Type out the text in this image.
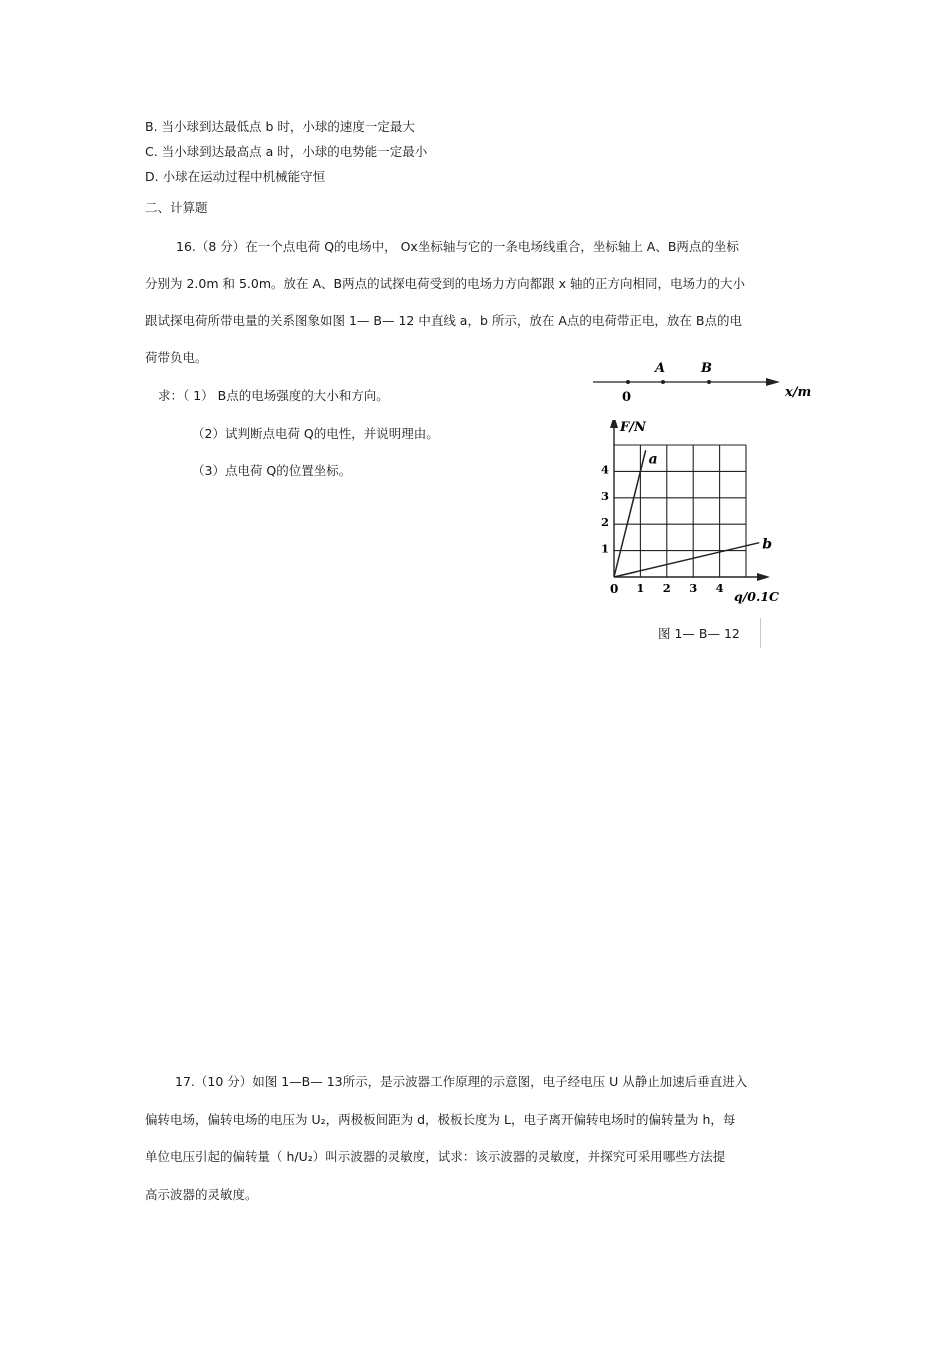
B. 当小球到达最低点 b 时，小球的速度一定最大
C. 当小球到达最高点 a 时，小球的电势能一定最小
D. 小球在运动过程中机械能守恒
二、计算题
16.（8 分）在一个点电荷 Q的电场中， Ox坐标轴与它的一条电场线重合，坐标轴上 A、B两点的坐标
分别为 2.0m 和 5.0m。放在 A、B两点的试探电荷受到的电场力方向都跟 x 轴的正方向相同，电场力的大小
跟试探电荷所带电量的关系图象如图 1— B— 12 中直线 a，b 所示，放在 A点的电荷带正电，放在 B点的电
荷带负电。
求：（ 1） B点的电场强度的大小和方向。
（2）试判断点电荷 Q的电性，并说明理由。
（3）点电荷 Q的位置坐标。
0
A	B
x/m
a
b
1 2 3 4
1
2
3
4
F/N
q/0.1C
0
图 1— B— 12
17.（10 分）如图 1—B— 13所示，是示波器工作原理的示意图，电子经电压 U 从静止加速后垂直进入
偏转电场，偏转电场的电压为 U₂，两极板间距为 d，极板长度为 L，电子离开偏转电场时的偏转量为 h，每
单位电压引起的偏转量（ h/U₂）叫示波器的灵敏度，试求：该示波器的灵敏度，并探究可采用哪些方法提
高示波器的灵敏度。
